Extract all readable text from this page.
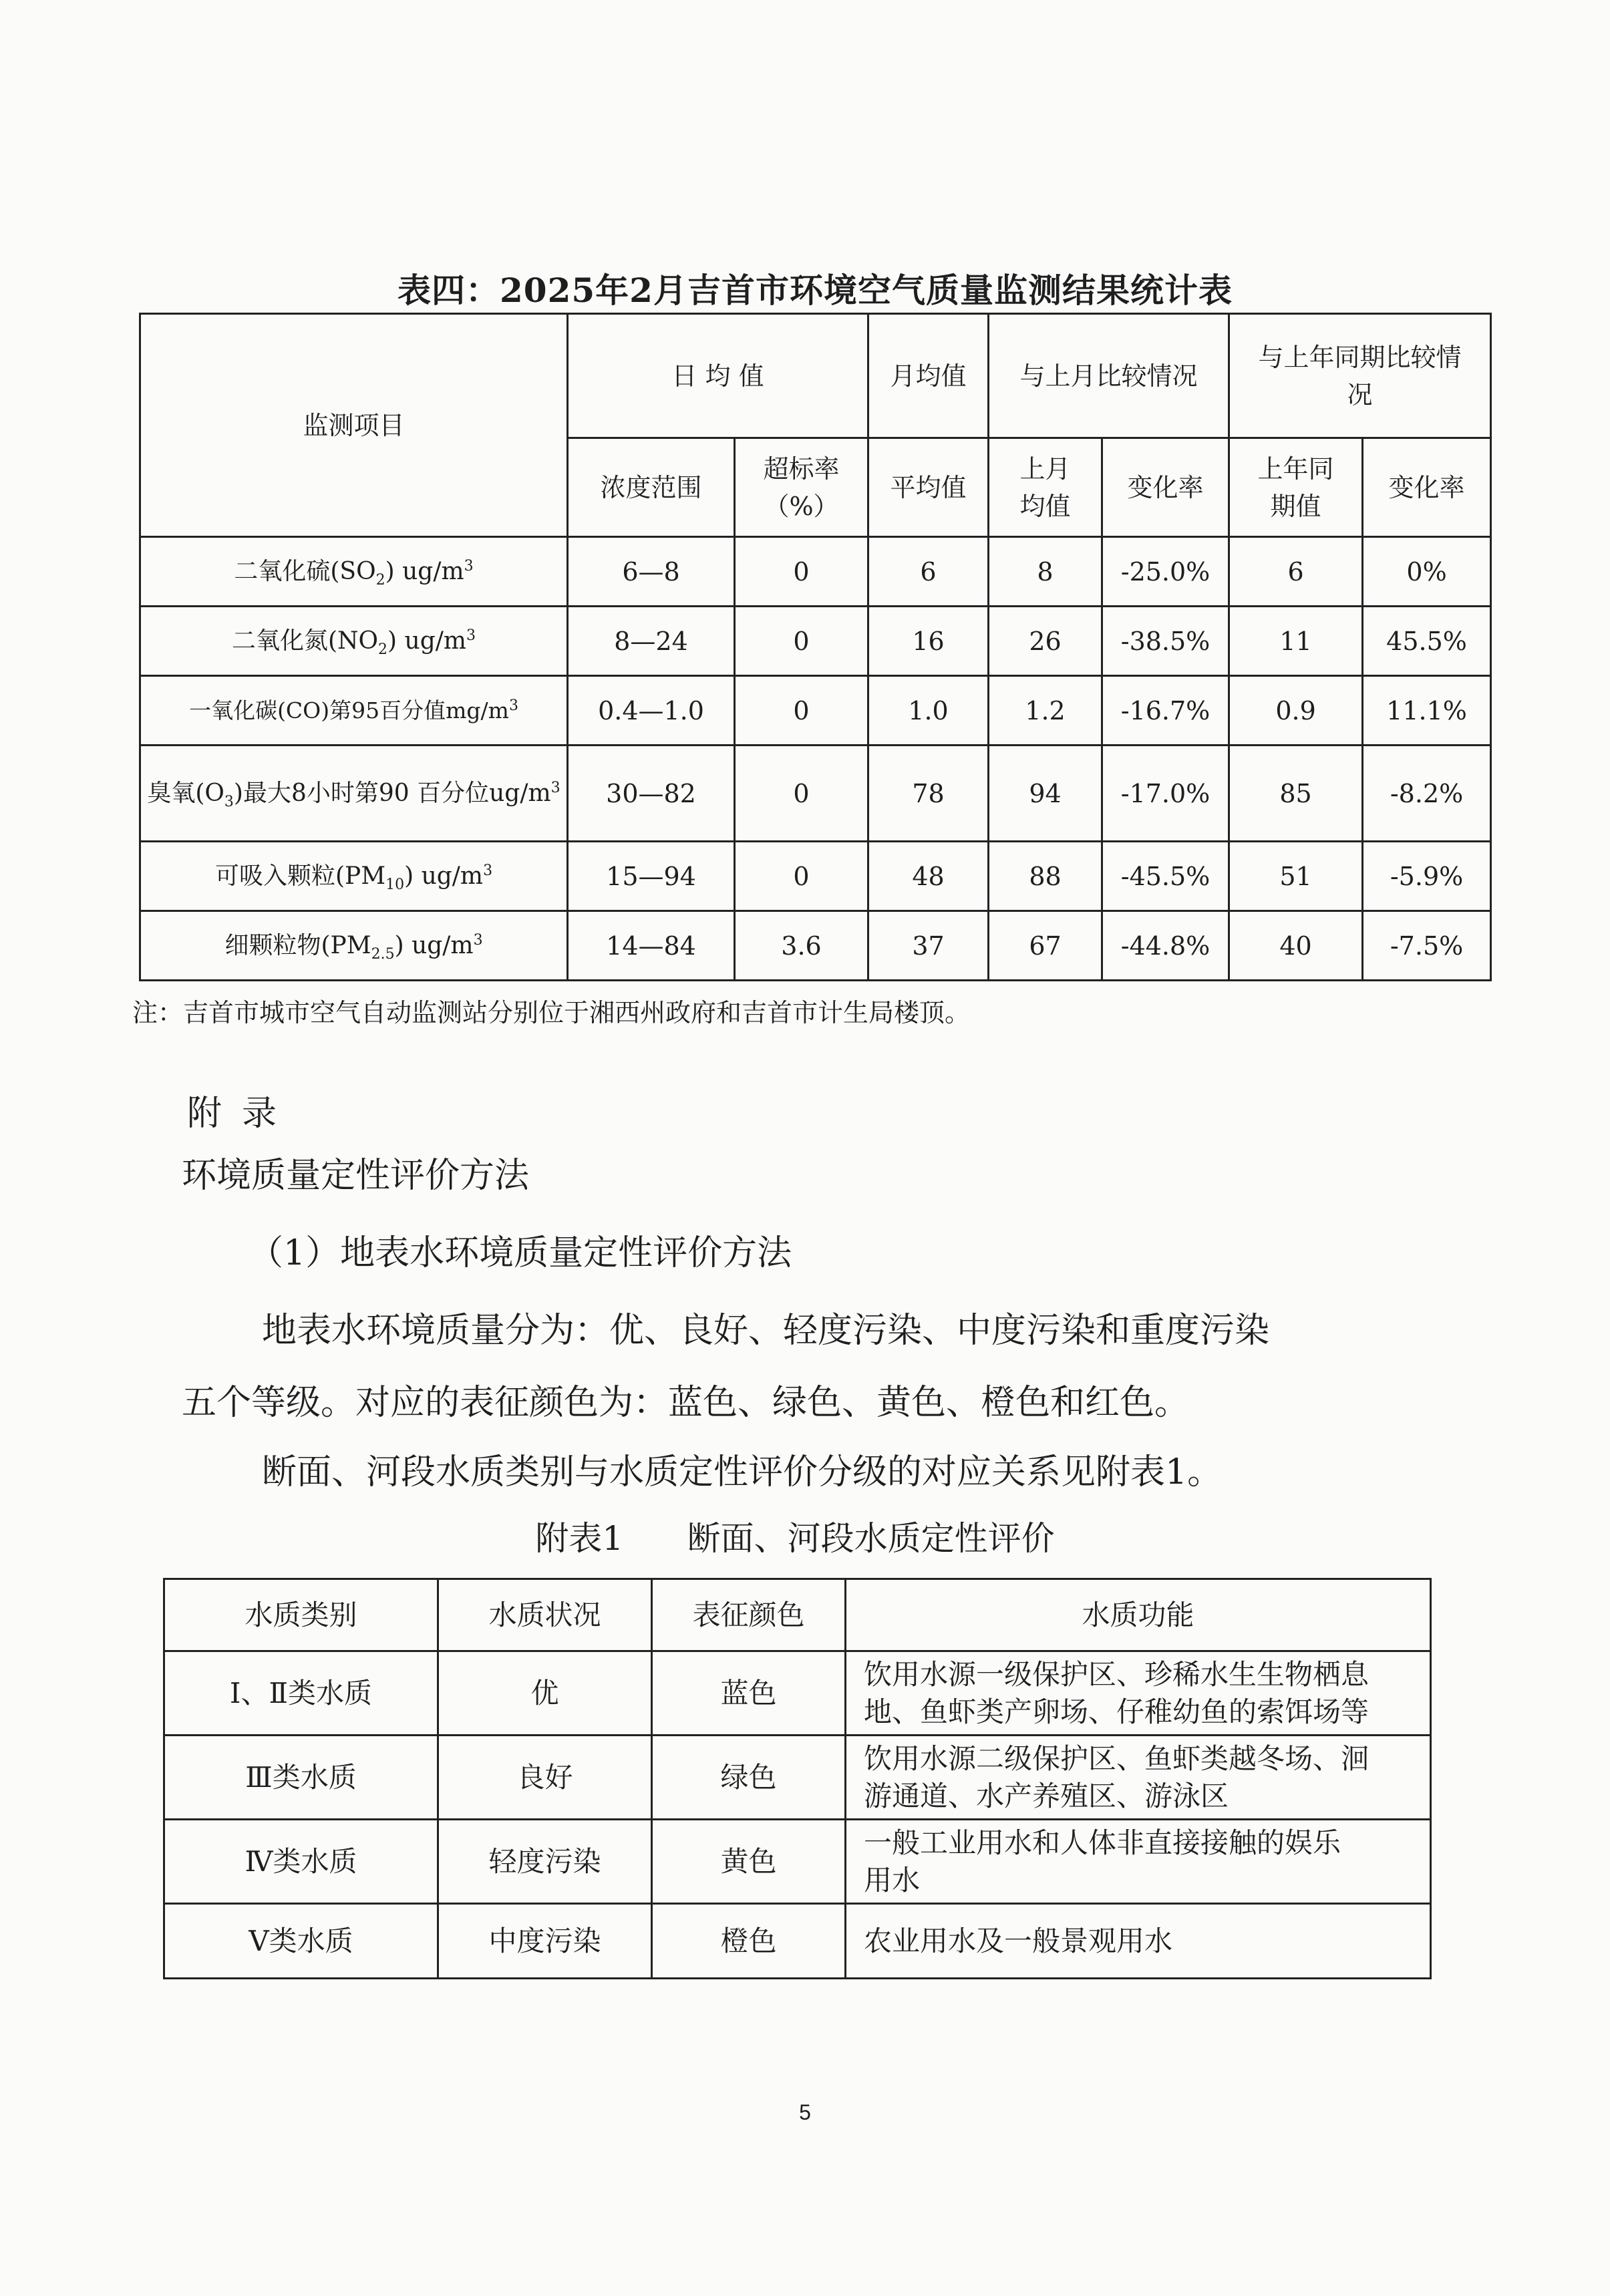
表四：2025年2月吉首市环境空气质量监测结果统计表
监测项目	日 均 值		月均值	与上月比较情况		与上年同期比较情况	
	浓度范围	超标率（%）	平均值	上月均值	变化率	上年同期值	变化率
二氧化硫$(SO_2)$ $ug/m^3$	6—8	0	6	8	-25.0%	6	0%
二氧化氮$(NO_2)$ $ug/m^3$	8—24	0	16	26	-38.5%	11	45.5%
一氧化碳(CO)第95百分值$mg/m^3$	0.4—1.0	0	1.0	1.2	-16.7%	0.9	11.1%
臭氧$(O_3)$最大8小时第90 百分位$ug/m^3$	30—82	0	78	94	-17.0%	85	-8.2%
可吸入颗粒$(PM_{10})$ $ug/m^3$	15—94	0	48	88	-45.5%	51	-5.9%
细颗粒物$(PM_{2.5})$ $ug/m^3$	14—84	3.6	37	67	-44.8%	40	-7.5%
注：吉首市城市空气自动监测站分别位于湘西州政府和吉首市计生局楼顶。
附录
环境质量定性评价方法
（1）地表水环境质量定性评价方法
地表水环境质量分为：优、良好、轻度污染、中度污染和重度污染
五个等级。对应的表征颜色为：蓝色、绿色、黄色、橙色和红色。
断面、河段水质类别与水质定性评价分级的对应关系见附表1。
附表1      断面、河段水质定性评价
水质类别	水质状况	表征颜色	水质功能
Ⅰ、Ⅱ类水质	优	蓝色	饮用水源一级保护区、珍稀水生生物栖息
地、鱼虾类产卵场、仔稚幼鱼的索饵场等

Ⅲ类水质	良好	绿色	饮用水源二级保护区、鱼虾类越冬场、洄
游通道、水产养殖区、游泳区

Ⅳ类水质	轻度污染	黄色	一般工业用水和人体非直接接触的娱乐
用水

Ⅴ类水质	中度污染	橙色	农业用水及一般景观用水
5
